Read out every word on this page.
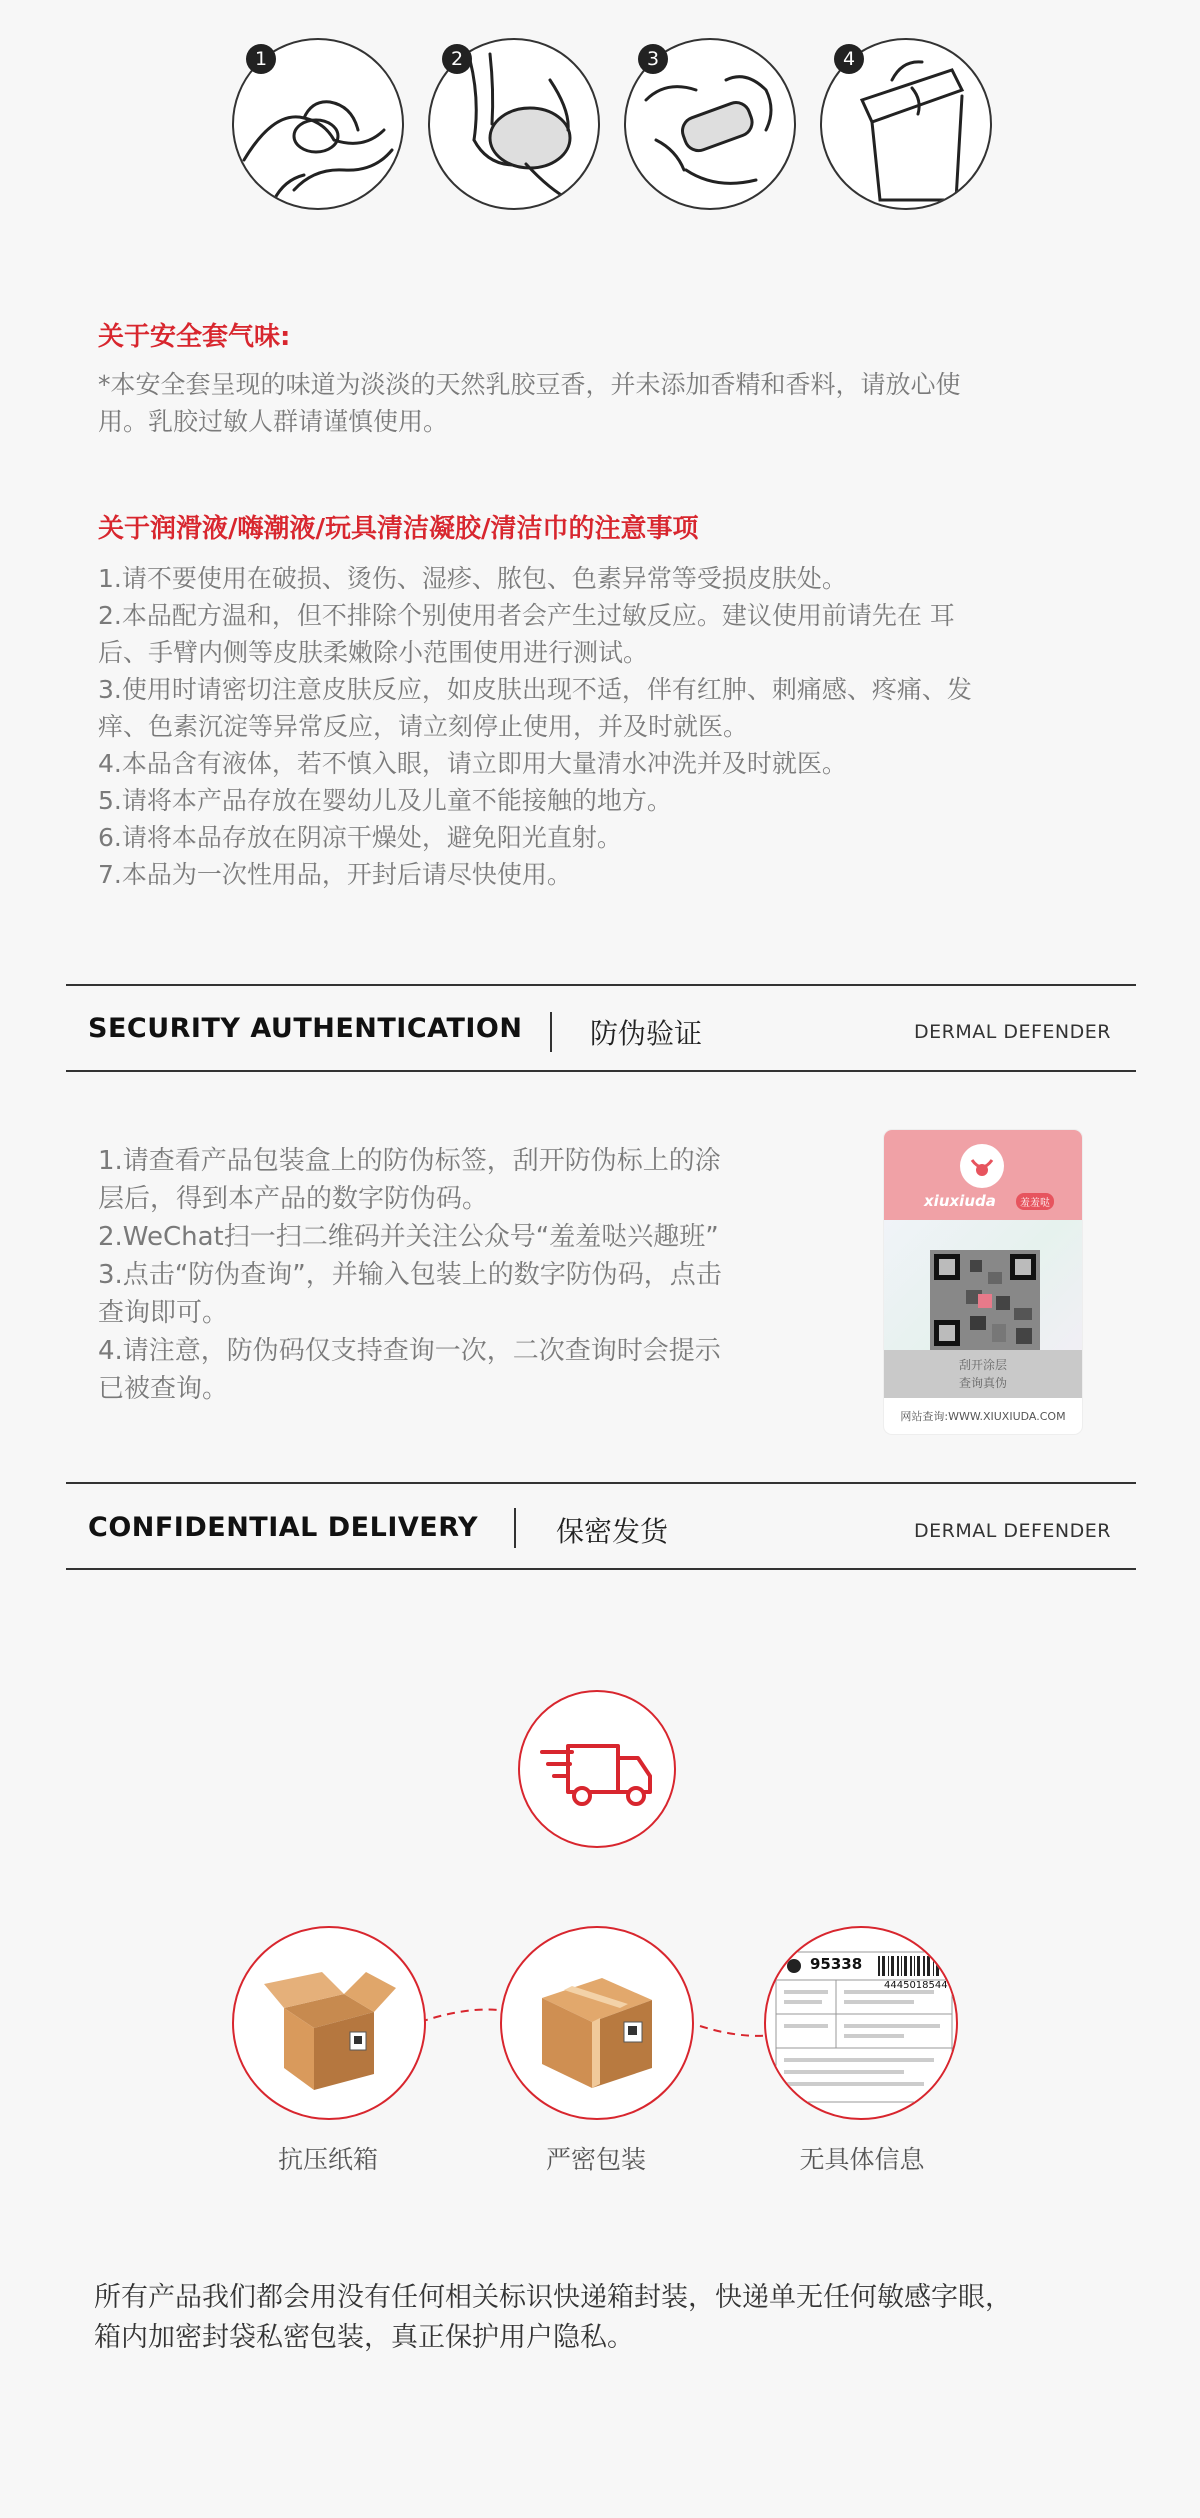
1	2	3	4
关于安全套气味:
*本安全套呈现的味道为淡淡的天然乳胶豆香，并未添加香精和香料，请放心使
用。乳胶过敏人群请谨慎使用。
关于润滑液/嗨潮液/玩具清洁凝胶/清洁巾的注意事项
1.请不要使用在破损、烫伤、湿疹、脓包、色素异常等受损皮肤处。
2.本品配方温和，但不排除个别使用者会产生过敏反应。建议使用前请先在 耳
后、手臂内侧等皮肤柔嫩除小范围使用进行测试。
3.使用时请密切注意皮肤反应，如皮肤出现不适，伴有红肿、刺痛感、疼痛、发
痒、色素沉淀等异常反应，请立刻停止使用，并及时就医。
4.本品含有液体，若不慎入眼，请立即用大量清水冲洗并及时就医。
5.请将本产品存放在婴幼儿及儿童不能接触的地方。
6.请将本品存放在阴凉干燥处，避免阳光直射。
7.本品为一次性用品，开封后请尽快使用。
SECURITY AUTHENTICATION 防伪验证	DERMAL DEFENDER
1.请查看产品包装盒上的防伪标签，刮开防伪标上的涂
层后，得到本产品的数字防伪码。
2.WeChat扫一扫二维码并关注公众号“羞羞哒兴趣班”
3.点击“防伪查询”，并输入包装上的数字防伪码，点击
查询即可。
4.请注意，防伪码仅支持查询一次，二次查询时会提示
已被查询。
xiuxiuda	羞羞哒
刮开涂层
查询真伪
网站查询:WWW.XIUXIUDA.COM
CONFIDENTIAL DELIVERY	保密发货	DERMAL DEFENDER
95338
4445018544
抗压纸箱	严密包装	无具体信息
所有产品我们都会用没有任何相关标识快递箱封装，快递单无任何敏感字眼，
箱内加密封袋私密包装，真正保护用户隐私。
